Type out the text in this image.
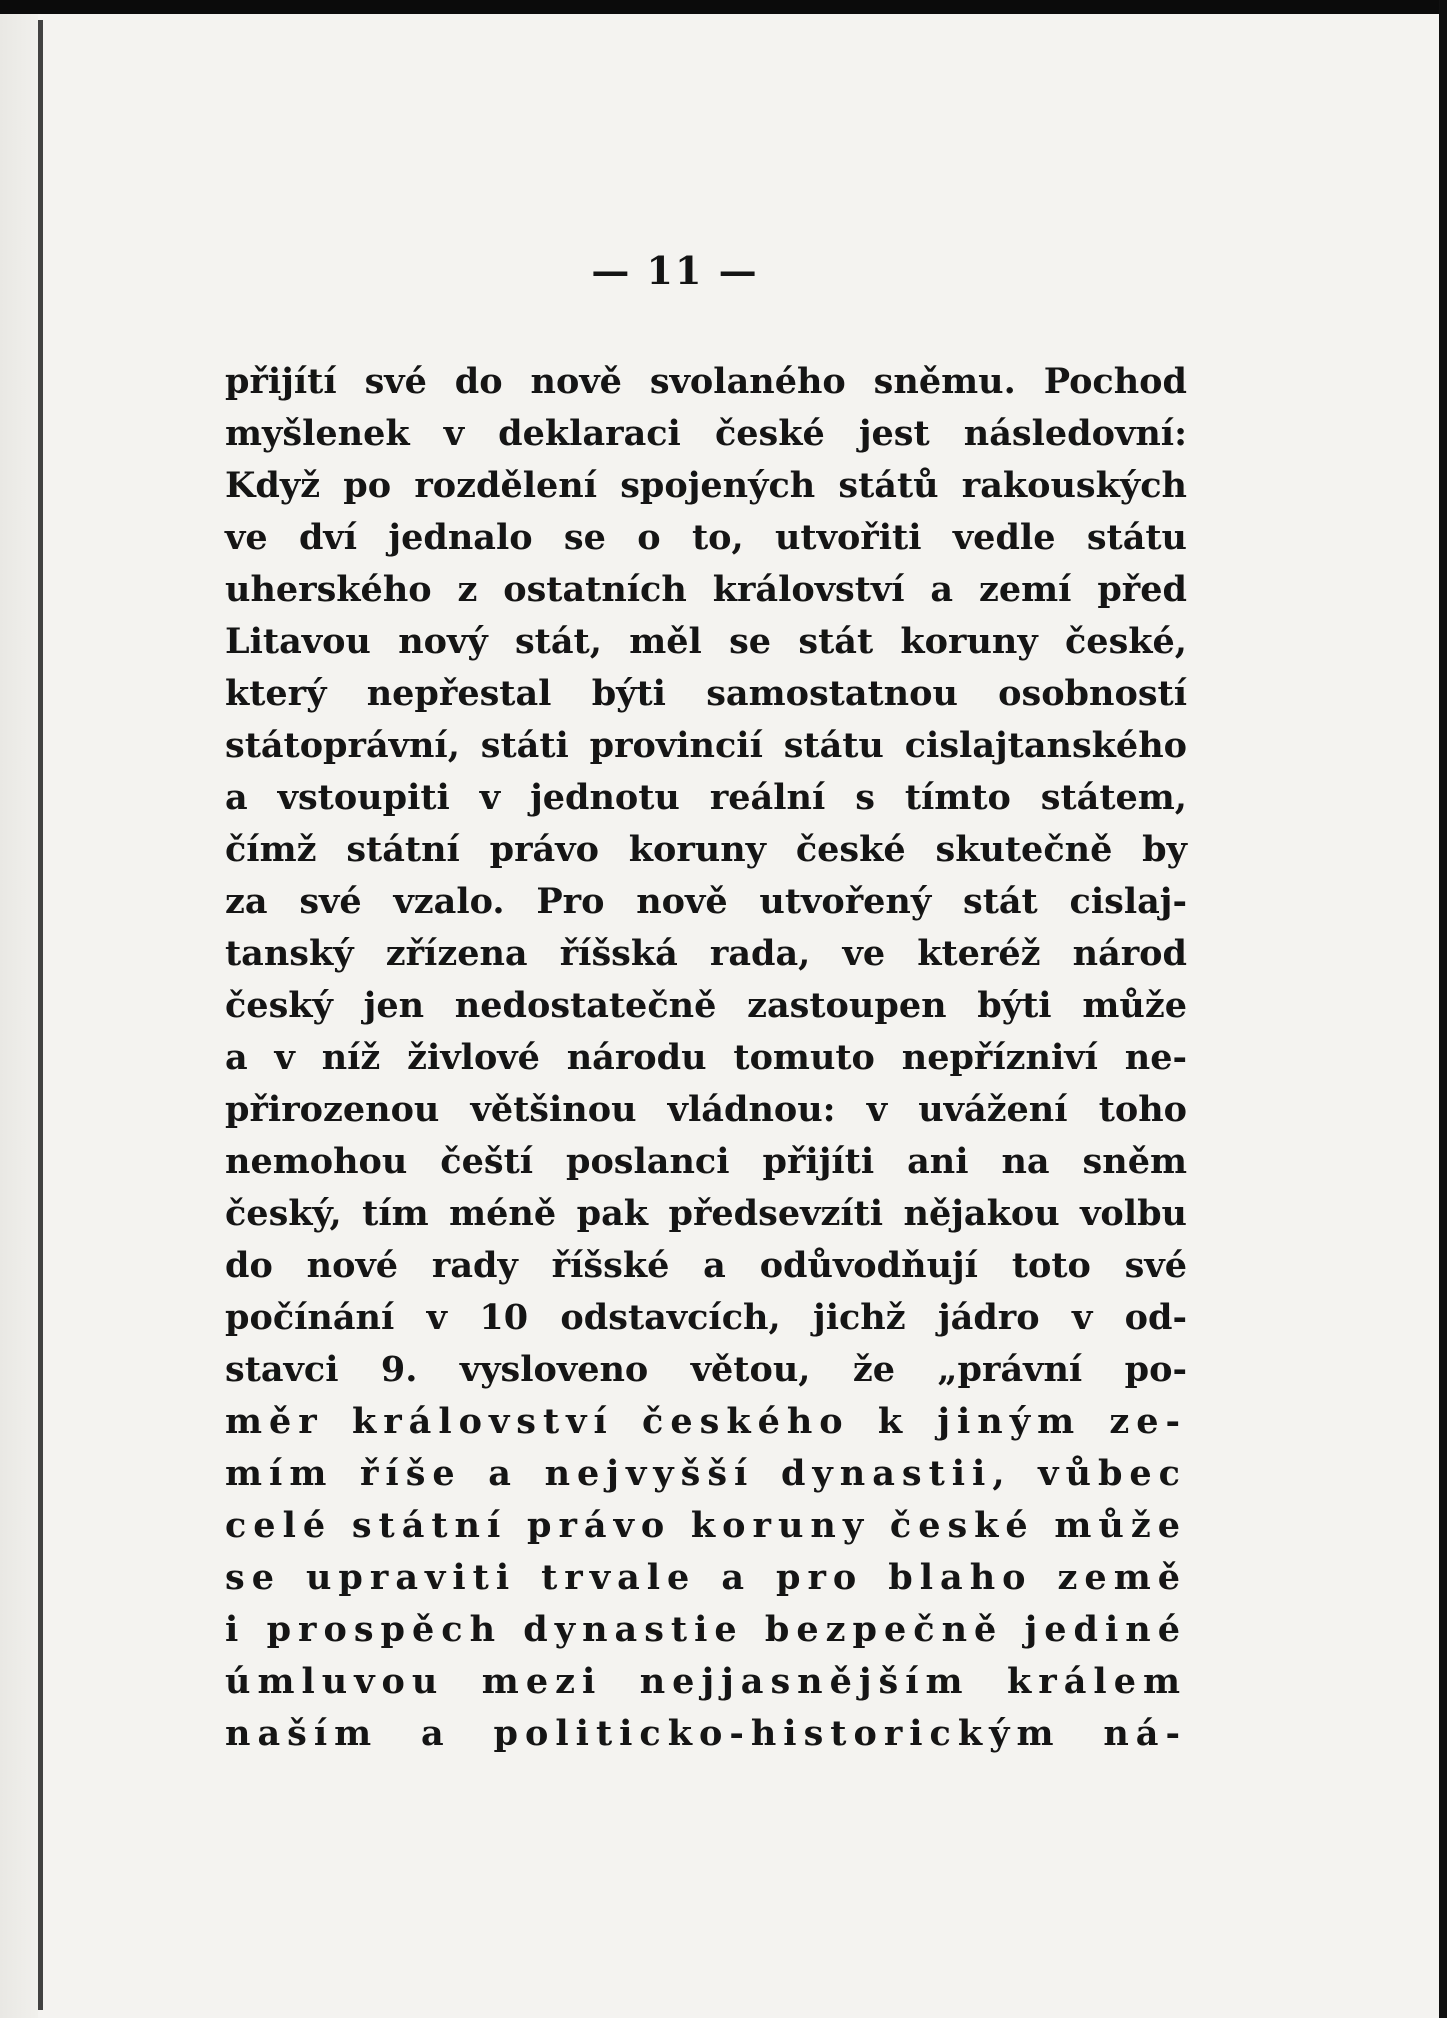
— 11 —
přijítí své do nově svolaného sněmu. Pochod
myšlenek v deklaraci české jest následovní:
Když po rozdělení spojených států rakouských
ve dví jednalo se o to, utvořiti vedle státu
uherského z ostatních království a zemí před
Litavou nový stát, měl se stát koruny české,
který nepřestal býti samostatnou osobností
státoprávní, státi provincií státu cislajtanského
a vstoupiti v jednotu reální s tímto státem,
čímž státní právo koruny české skutečně by
za své vzalo. Pro nově utvořený stát cislaj-
tanský zřízena říšská rada, ve kteréž národ
český jen nedostatečně zastoupen býti může
a v níž živlové národu tomuto nepřízniví ne-
přirozenou většinou vládnou: v uvážení toho
nemohou čeští poslanci přijíti ani na sněm
český, tím méně pak předsevzíti nějakou volbu
do nové rady říšské a odůvodňují toto své
počínání v 10 odstavcích, jichž jádro v od-
stavci 9. vysloveno větou, že „právní po-
měr království českého k jiným ze-
mím říše a nejvyšší dynastii, vůbec
celé státní právo koruny české může
se upraviti trvale a pro blaho země
i prospěch dynastie bezpečně jediné
úmluvou mezi nejjasnějším králem
naším a politicko-historickým ná-
